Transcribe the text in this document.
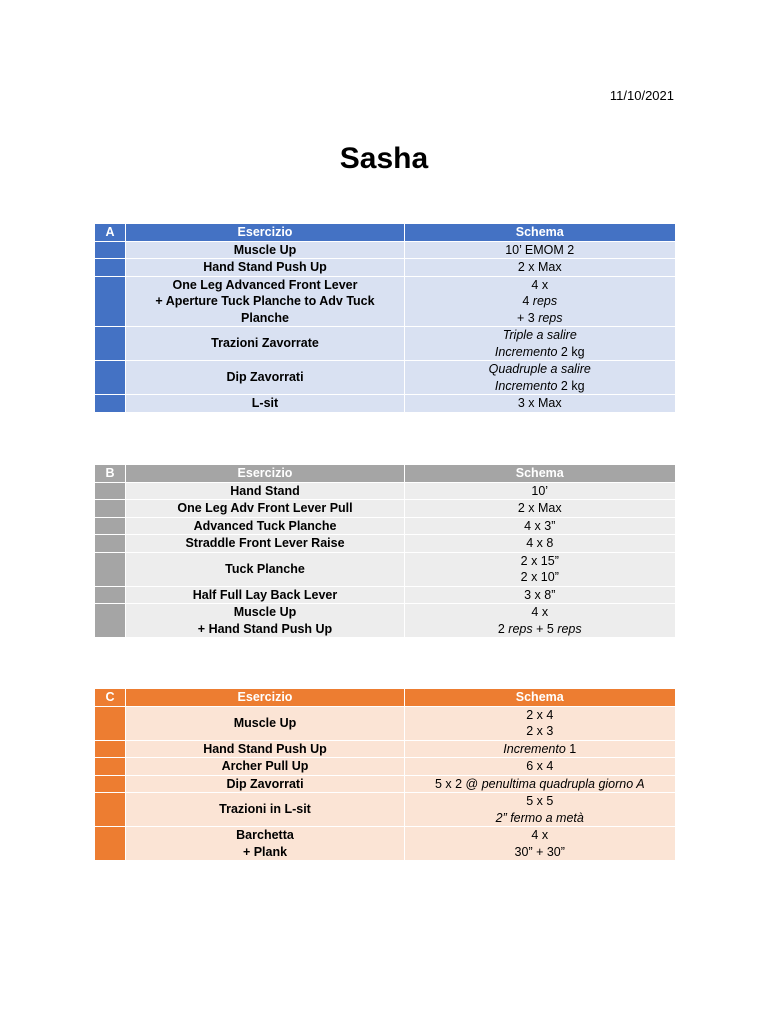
11/10/2021
Sasha
A	Esercizio	Schema
	Muscle Up	10’ EMOM 2
	Hand Stand Push Up	2 x Max

	One Leg Advanced Front Lever
+ Aperture Tuck Planche to Adv Tuck Planche	4 x
4 reps
+ 3 reps

	Trazioni Zavorrate	Triple a salire
Incremento 2 kg

	Dip Zavorrati	Quadruple a salire
Incremento 2 kg

	L-sit	3 x Max
B	Esercizio	Schema
	Hand Stand	10’
	One Leg Adv Front Lever Pull	2 x Max
	Advanced Tuck Planche	4 x 3”
	Straddle Front Lever Raise	4 x 8
	Tuck Planche	2 x 15”
2 x 10”

	Half Full Lay Back Lever	3 x 8”

	Muscle Up
+ Hand Stand Push Up	4 x
2 reps + 5 reps
C	Esercizio	Schema
	Muscle Up	2 x 4
2 x 3

	Hand Stand Push Up	Incremento 1
	Archer Pull Up	6 x 4
	Dip Zavorrati	5 x 2 @ penultima quadrupla giorno A
	Trazioni in L-sit	5 x 5
2” fermo a metà

	Barchetta
+ Plank	4 x
30” + 30”
